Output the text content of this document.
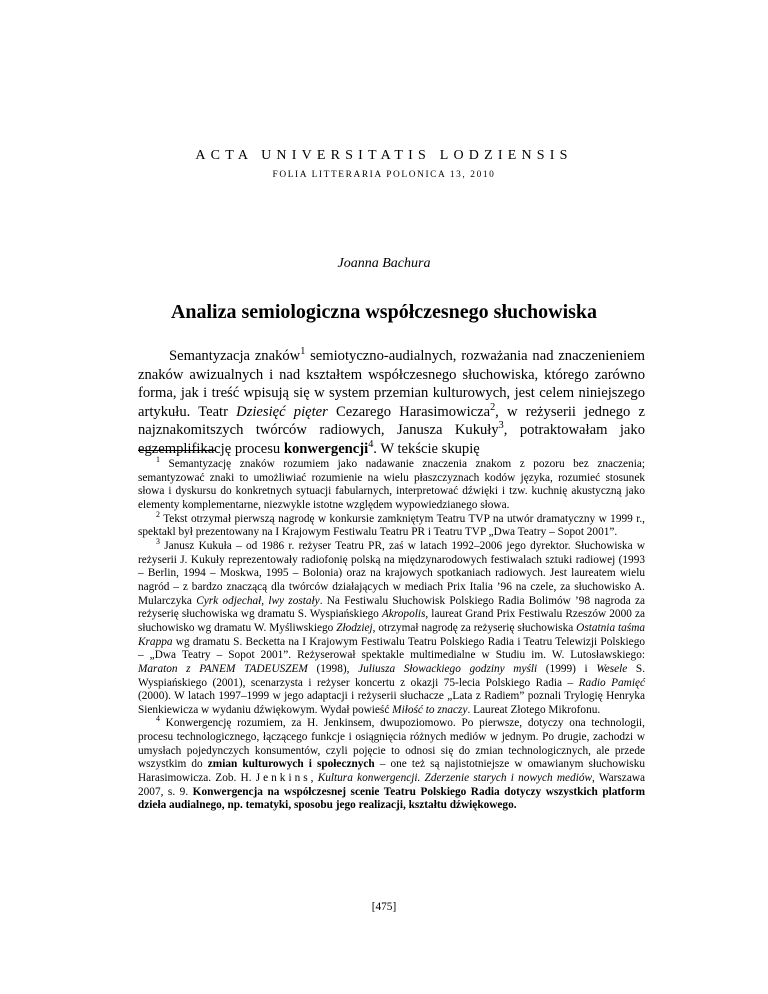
ACTA UNIVERSITATIS LODZIENSIS
FOLIA LITTERARIA POLONICA 13, 2010
Joanna Bachura
Analiza semiologiczna współczesnego słuchowiska

Semantyzacja znaków$^1$ semiotyczno-audialnych, rozważania nad znaczenieniem znaków awizualnych i nad kształtem współczesnego słuchowiska, którego zarówno forma, jak i treść wpisują się w system przemian kulturowych, jest celem niniejszego artykułu. Teatr Dziesięć pięter Cezarego Harasimowicza$^2$, w reżyserii jednego z najznakomitszych twórców radiowych, Janusza Kukuły$^3$, potraktowałam jako egzemplifikację procesu konwergencji$^4$. W tekście skupię

$^1$ Semantyzację znaków rozumiem jako nadawanie znaczenia znakom z pozoru bez znaczenia; semantyzować znaki to umożliwiać rozumienie na wielu płaszczyznach kodów języka, rozumieć stosunek słowa i dyskursu do konkretnych sytuacji fabularnych, interpretować dźwięki i tzw. kuchnię akustyczną jako elementy komplementarne, niezwykle istotne względem wypowiedzianego słowa.

$^2$ Tekst otrzymał pierwszą nagrodę w konkursie zamkniętym Teatru TVP na utwór dramatyczny w 1999 r., spektakl był prezentowany na I Krajowym Festiwalu Teatru PR i Teatru TVP „Dwa Teatry – Sopot 2001”.

$^3$ Janusz Kukuła – od 1986 r. reżyser Teatru PR, zaś w latach 1992–2006 jego dyrektor. Słuchowiska w reżyserii J. Kukuły reprezentowały radiofonię polską na międzynarodowych festiwalach sztuki radiowej (1993 – Berlin, 1994 – Moskwa, 1995 – Bolonia) oraz na krajowych spotkaniach radiowych. Jest laureatem wielu nagród – z bardzo znaczącą dla twórców działających w mediach Prix Italia ’96 na czele, za słuchowisko A. Mularczyka Cyrk odjechał, lwy zostały. Na Festiwalu Słuchowisk Polskiego Radia Bolimów ’98 nagroda za reżyserię słuchowiska wg dramatu S. Wyspiańskiego Akropolis, laureat Grand Prix Festiwalu Rzeszów 2000 za słuchowisko wg dramatu W. Myśliwskiego Złodziej, otrzymał nagrodę za reżyserię słuchowiska Ostatnia taśma Krappa wg dramatu S. Becketta na I Krajowym Festiwalu Teatru Polskiego Radia i Teatru Telewizji Polskiego – „Dwa Teatry – Sopot 2001”. Reżyserował spektakle multimedialne w Studiu im. W. Lutosławskiego: Maraton z PANEM TADEUSZEM (1998), Juliusza Słowackiego godziny myśli (1999) i Wesele S. Wyspiańskiego (2001), scenarzysta i reżyser koncertu z okazji 75-lecia Polskiego Radia – Radio Pamięć (2000). W latach 1997–1999 w jego adaptacji i reżyserii słuchacze „Lata z Radiem” poznali Trylogię Henryka Sienkiewicza w wydaniu dźwiękowym. Wydał powieść Miłość to znaczy. Laureat Złotego Mikrofonu.

$^4$ Konwergencję rozumiem, za H. Jenkinsem, dwupoziomowo. Po pierwsze, dotyczy ona technologii, procesu technologicznego, łączącego funkcje i osiągnięcia różnych mediów w jednym. Po drugie, zachodzi w umysłach pojedynczych konsumentów, czyli pojęcie to odnosi się do zmian technologicznych, ale przede wszystkim do zmian kulturowych i społecznych – one też są najistotniejsze w omawianym słuchowisku Harasimowicza. Zob. H. Jenkins, Kultura konwergencji. Zderzenie starych i nowych mediów, Warszawa 2007, s. 9. Konwergencja na współczesnej scenie Teatru Polskiego Radia dotyczy wszystkich platform dzieła audialnego, np. tematyki, sposobu jego realizacji, kształtu dźwiękowego.

[475]
